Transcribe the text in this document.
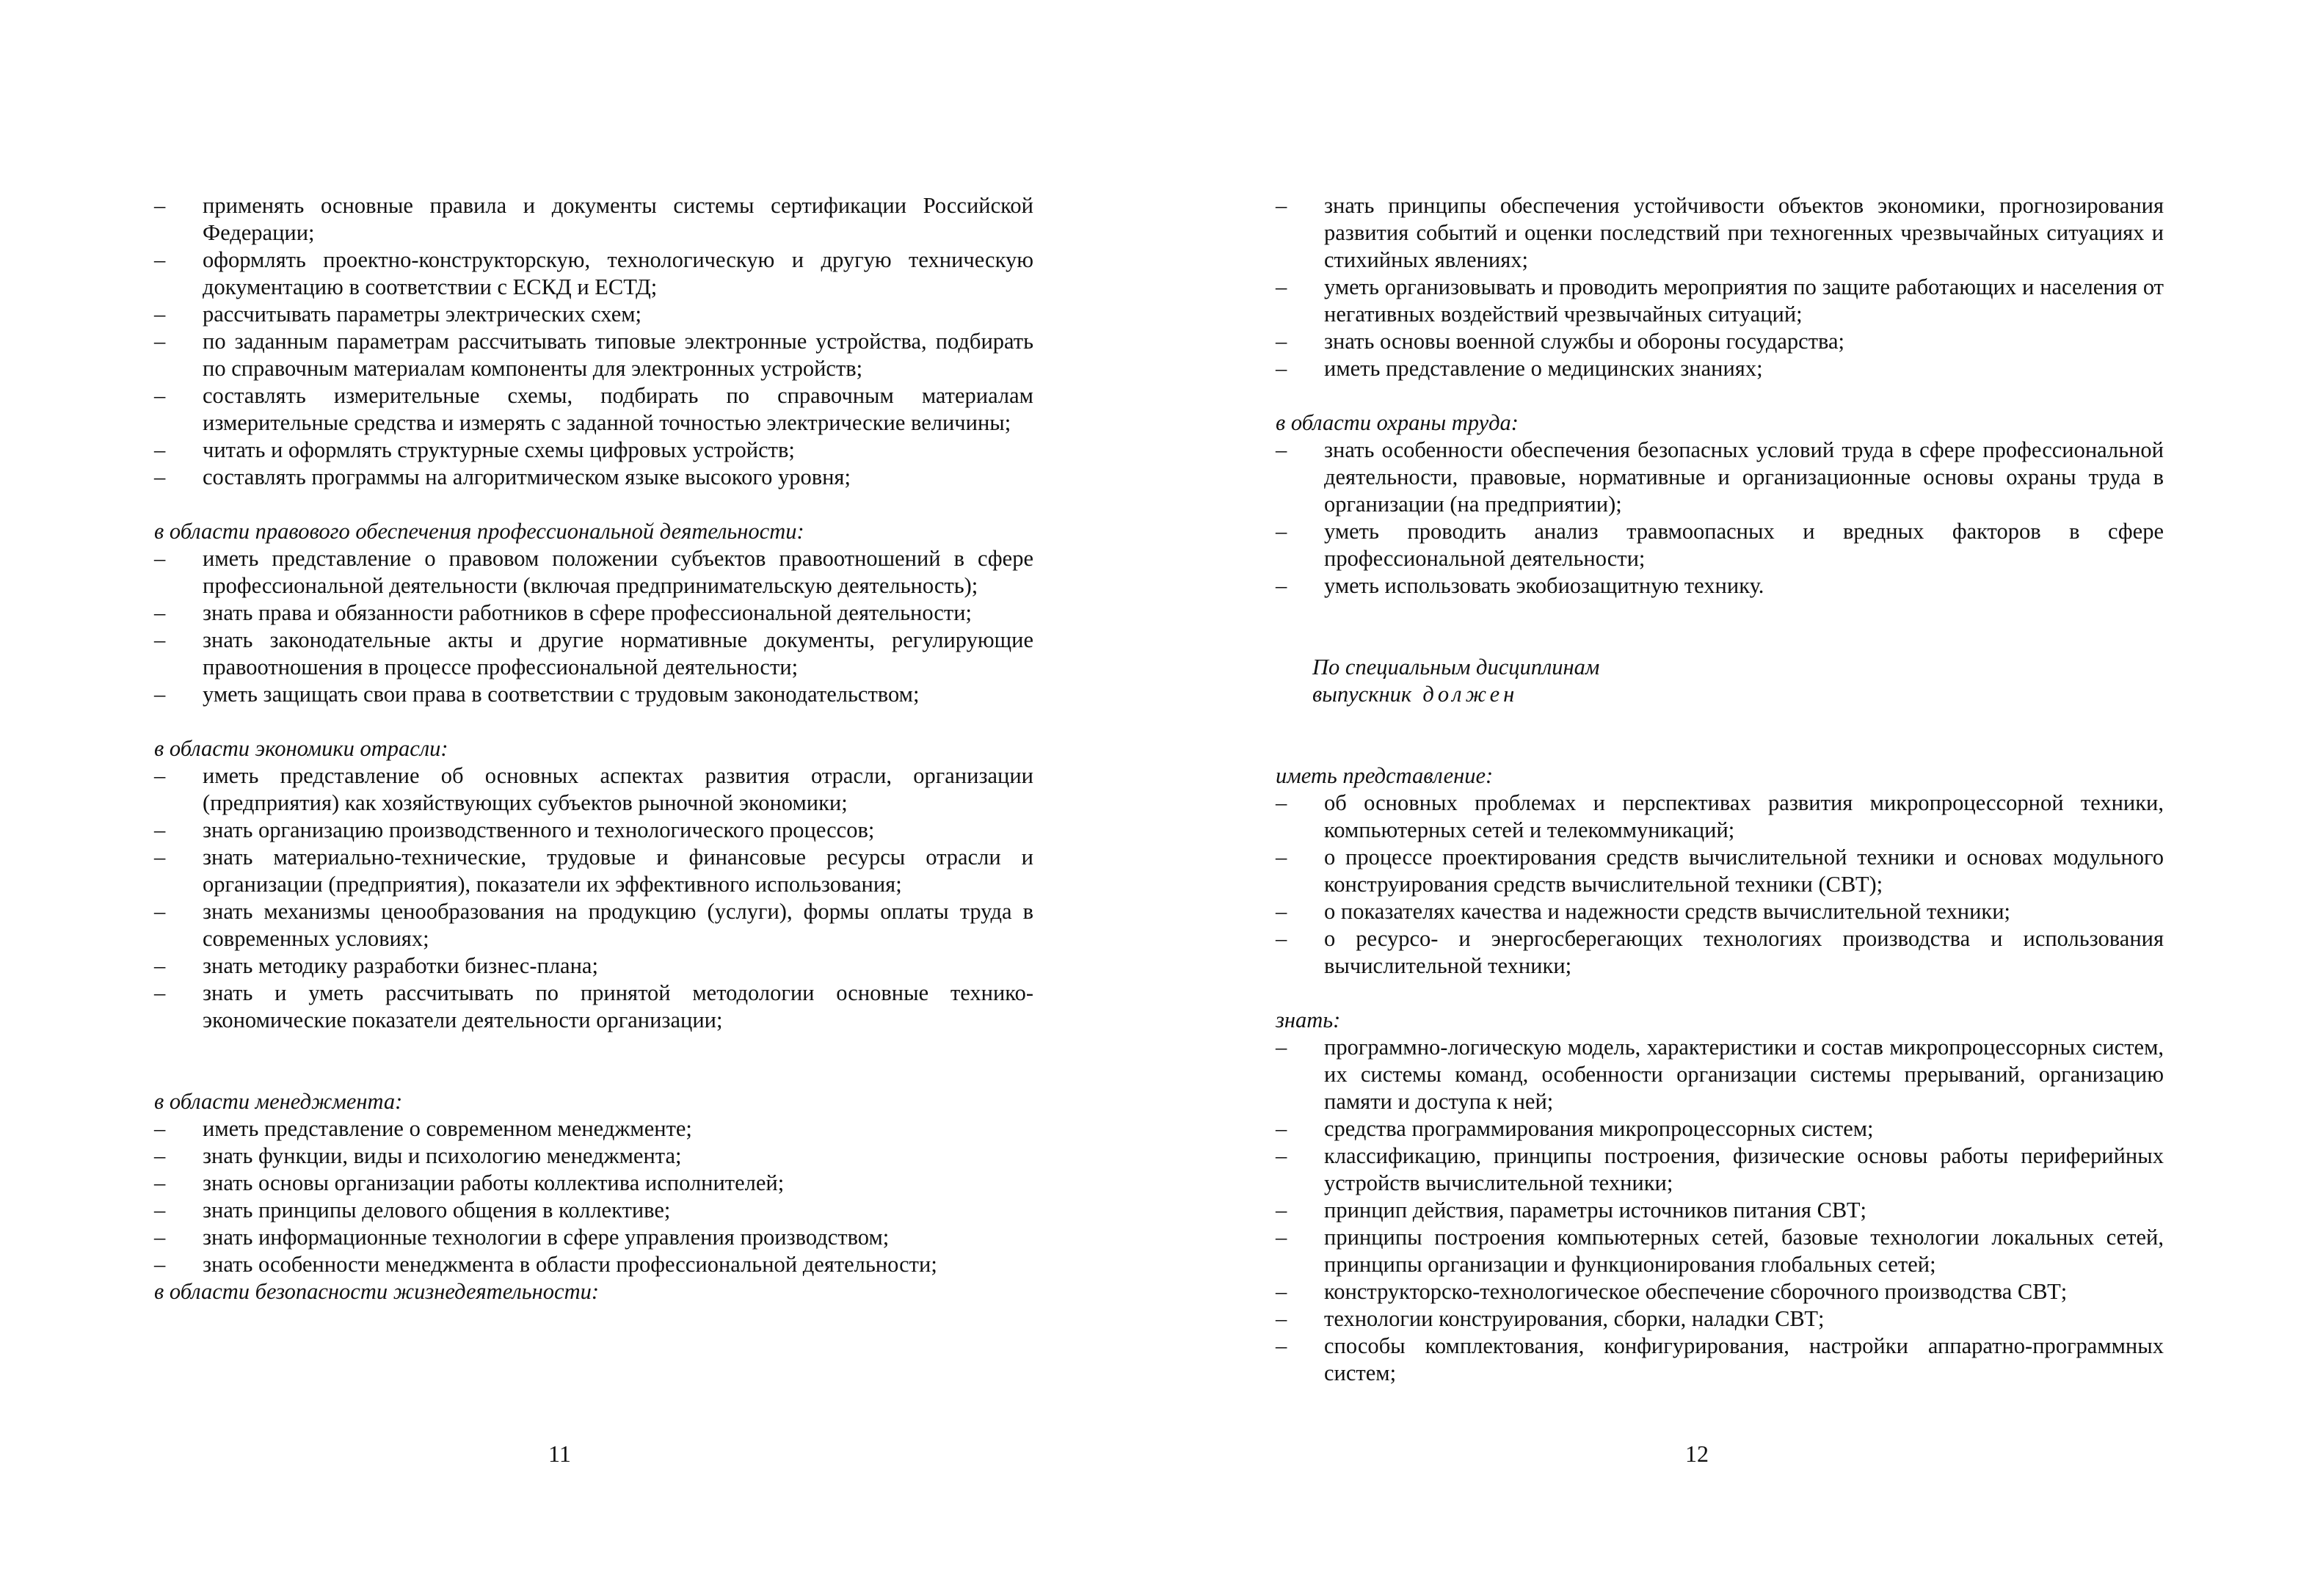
– применять основные правила и документы системы сертификации Российской Федерации;
– оформлять проектно-конструкторскую, технологическую и другую техническую документацию в соответствии с ЕСКД и ЕСТД;
– рассчитывать параметры электрических схем;
– по заданным параметрам рассчитывать типовые электронные устройства, подбирать по справочным материалам компоненты для электронных устройств;
– составлять измерительные схемы, подбирать по справочным материалам измерительные средства и измерять с заданной точностью электрические величины;
– читать и оформлять структурные схемы цифровых устройств;
– составлять программы на алгоритмическом языке высокого уровня;
в области правового обеспечения профессиональной деятельности:
– иметь представление о правовом положении субъектов правоотношений в сфере профессиональной деятельности (включая предпринимательскую деятельность);
– знать права и обязанности работников в сфере профессиональной деятельности;
– знать законодательные акты и другие нормативные документы, регулирующие правоотношения в процессе профессиональной деятельности;
– уметь защищать свои права в соответствии с трудовым законодательством;
в области экономики отрасли:
– иметь представление об основных аспектах развития отрасли, организации (предприятия) как хозяйствующих субъектов рыночной экономики;
– знать организацию производственного и технологического процессов;
– знать материально-технические, трудовые и финансовые ресурсы отрасли и организации (предприятия), показатели их эффективного использования;
– знать механизмы ценообразования на продукцию (услуги), формы оплаты труда в современных условиях;
– знать методику разработки бизнес-плана;
– знать и уметь рассчитывать по принятой методологии основные технико-экономические показатели деятельности организации;
в области менеджмента:
– иметь представление о современном менеджменте;
– знать функции, виды и психологию менеджмента;
– знать основы организации работы коллектива исполнителей;
– знать принципы делового общения в коллективе;
– знать информационные технологии в сфере управления производством;
– знать особенности менеджмента в области профессиональной деятельности;
в области безопасности жизнедеятельности:
11
– знать принципы обеспечения устойчивости объектов экономики, прогнозирования развития событий и оценки последствий при техногенных чрезвычайных ситуациях и стихийных явлениях;
– уметь организовывать и проводить мероприятия по защите работающих и населения от негативных воздействий чрезвычайных ситуаций;
– знать основы военной службы и обороны государства;
– иметь представление о медицинских знаниях;
в области охраны труда:
– знать особенности обеспечения безопасных условий труда в сфере профессиональной деятельности, правовые, нормативные и организационные основы охраны труда в организации (на предприятии);
– уметь проводить анализ травмоопасных и вредных факторов в сфере профессиональной деятельности;
– уметь использовать экобиозащитную технику.
По специальным дисциплинам
выпускник должен
иметь представление:
– об основных проблемах и перспективах развития микропроцессорной техники, компьютерных сетей и телекоммуникаций;
– о процессе проектирования средств вычислительной техники и основах модульного конструирования средств вычислительной техники (СВТ);
– о показателях качества и надежности средств вычислительной техники;
– о ресурсо- и энергосберегающих технологиях производства и использования вычислительной техники;
знать:
– программно-логическую модель, характеристики и состав микропроцессорных систем, их системы команд, особенности организации системы прерываний, организацию памяти и доступа к ней;
– средства программирования микропроцессорных систем;
– классификацию, принципы построения, физические основы работы периферийных устройств вычислительной техники;
– принцип действия, параметры источников питания СВТ;
– принципы построения компьютерных сетей, базовые технологии локальных сетей, принципы организации и функционирования глобальных сетей;
– конструкторско-технологическое обеспечение сборочного производства СВТ;
– технологии конструирования, сборки, наладки СВТ;
– способы комплектования, конфигурирования, настройки аппаратно-программных систем;
12
